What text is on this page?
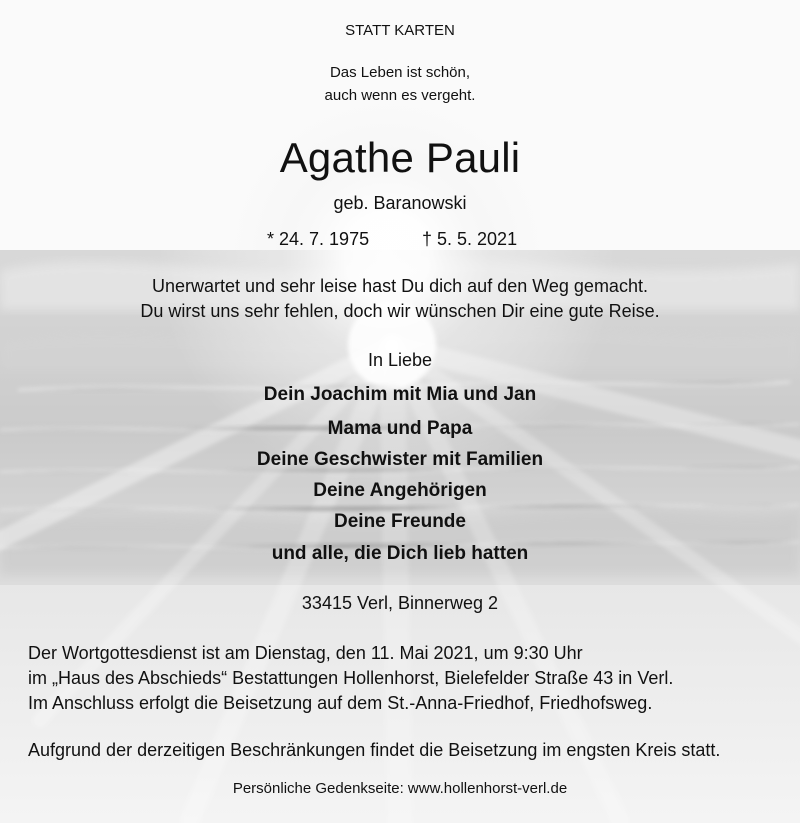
STATT KARTEN
Das Leben ist schön,
auch wenn es vergeht.
Agathe Pauli
geb. Baranowski
* 24. 7. 1975	† 5. 5. 2021
Unerwartet und sehr leise hast Du dich auf den Weg gemacht.
Du wirst uns sehr fehlen, doch wir wünschen Dir eine gute Reise.
In Liebe
Dein Joachim mit Mia und Jan
Mama und Papa
Deine Geschwister mit Familien
Deine Angehörigen
Deine Freunde
und alle, die Dich lieb hatten
33415 Verl, Binnerweg 2
Der Wortgottesdienst ist am Dienstag, den 11. Mai 2021, um 9:30 Uhr
im „Haus des Abschieds“ Bestattungen Hollenhorst, Bielefelder Straße 43 in Verl.
Im Anschluss erfolgt die Beisetzung auf dem St.-Anna-Friedhof, Friedhofsweg.
Aufgrund der derzeitigen Beschränkungen findet die Beisetzung im engsten Kreis statt.
Persönliche Gedenkseite: www.hollenhorst-verl.de
